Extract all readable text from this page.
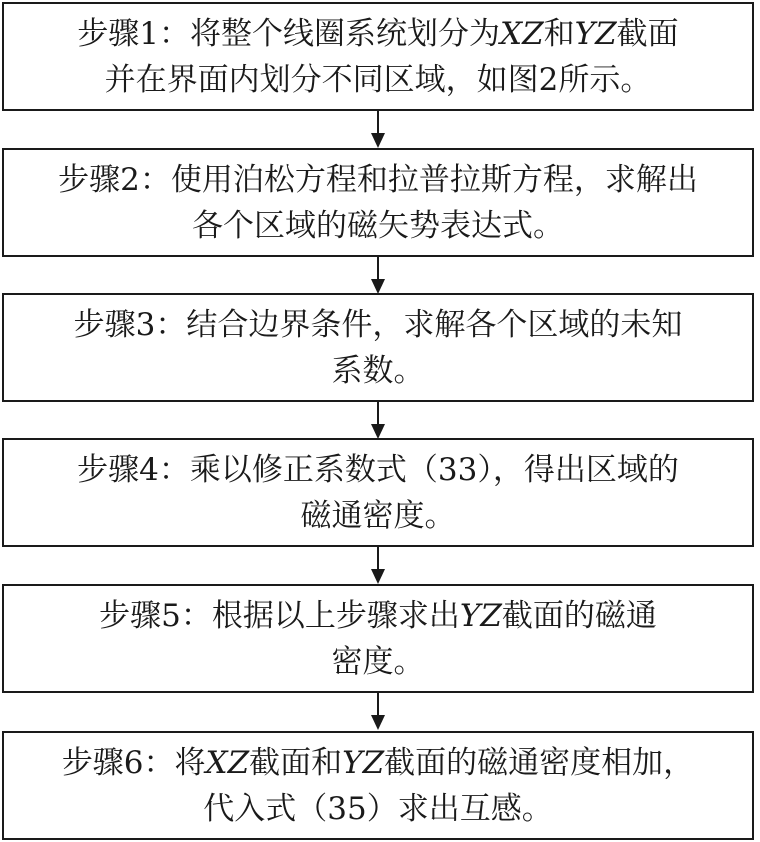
步骤1：将整个线圈系统划分为XZ和YZ截面
并在界面内划分不同区域，如图2所示。
步骤2：使用泊松方程和拉普拉斯方程，求解出
各个区域的磁矢势表达式。
步骤3：结合边界条件，求解各个区域的未知
系数。
步骤4：乘以修正系数式（33），得出区域的
磁通密度。
步骤5：根据以上步骤求出YZ截面的磁通
密度。
步骤6：将XZ截面和YZ截面的磁通密度相加，
代入式（35）求出互感。
